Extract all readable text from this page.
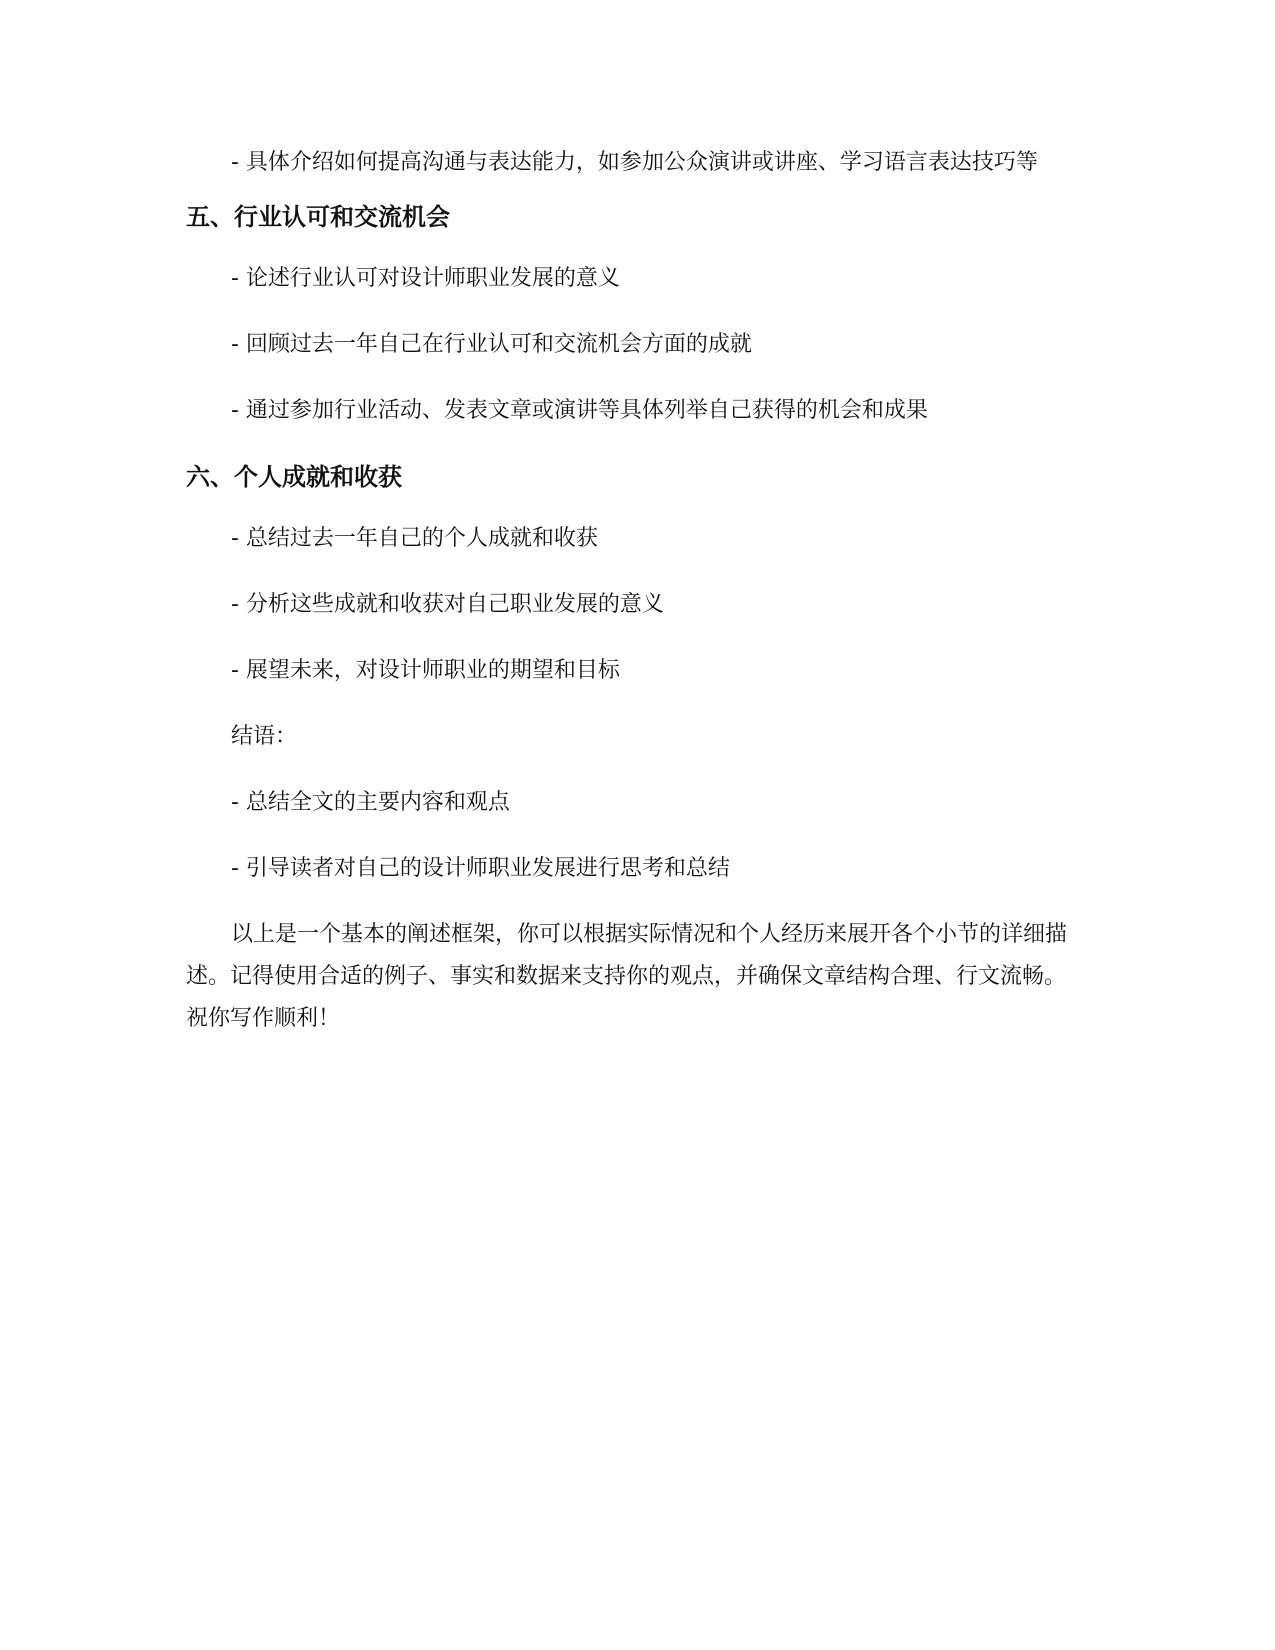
- 具体介绍如何提高沟通与表达能力，如参加公众演讲或讲座、学习语言表达技巧等

五、行业认可和交流机会

- 论述行业认可对设计师职业发展的意义

- 回顾过去一年自己在行业认可和交流机会方面的成就

- 通过参加行业活动、发表文章或演讲等具体列举自己获得的机会和成果

六、个人成就和收获

- 总结过去一年自己的个人成就和收获

- 分析这些成就和收获对自己职业发展的意义

- 展望未来，对设计师职业的期望和目标

结语：

- 总结全文的主要内容和观点

- 引导读者对自己的设计师职业发展进行思考和总结

以上是一个基本的阐述框架，你可以根据实际情况和个人经历来展开各个小节的详细描述。记得使用合适的例子、事实和数据来支持你的观点，并确保文章结构合理、行文流畅。祝你写作顺利！
